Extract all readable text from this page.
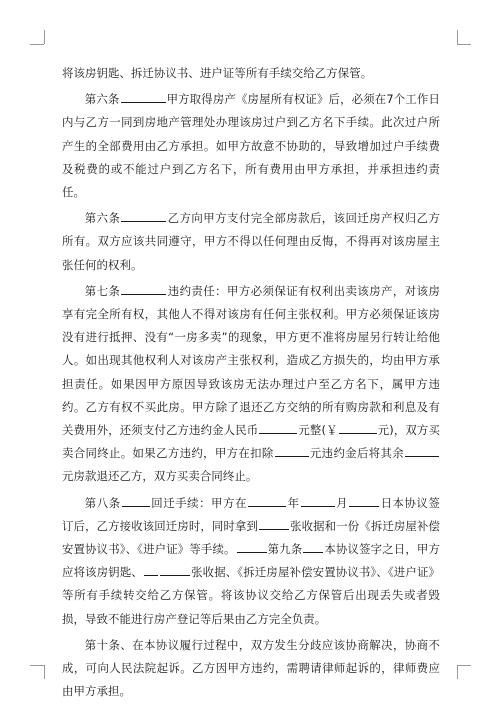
将该房钥匙、拆迁协议书、进户证等所有手续交给乙方保管。

第六条	甲方取得房产《房屋所有权证》后，必须在7个工作日内与乙方一同到房地产管理处办理该房过户到乙方名下手续。此次过户所产生的全部费用由乙方承担。如甲方故意不协助的，导致增加过户手续费及税费的或不能过户到乙方名下，所有费用由甲方承担，并承担违约责任。

第六条	乙方向甲方支付完全部房款后，该回迁房产权归乙方所有。双方应该共同遵守，甲方不得以任何理由反悔，不得再对该房屋主张任何的权利。

第七条	违约责任：甲方必须保证有权利出卖该房产，对该房享有完全所有权，其他人不得对该房有任何主张权利。甲方必须保证该房没有进行抵押、没有“一房多卖”的现象，甲方更不准将房屋另行转让给他人。如出现其他权利人对该房产主张权利，造成乙方损失的，均由甲方承担责任。如果因甲方原因导致该房无法办理过户至乙方名下，属甲方违约。乙方有权不买此房。甲方除了退还乙方交纳的所有购房款和利息及有关费用外，还须支付乙方违约金人民币	元整(￥	元)，双方买卖合同终止。如果乙方违约，甲方在扣除	元违约金后将其余元房款退还乙方，双方买卖合同终止。

第八条	回迁手续：甲方在	年	月	日本协议签订后，乙方接收该回迁房时，同时拿到	张收据和一份《拆迁房屋补偿安置协议书》、《进户证》等手续。	第九条 本协议签字之日，甲方应将该房钥匙、	张收据、《拆迁房屋补偿安置协议书》、《进户证》等所有手续转交给乙方保管。将该协议交给乙方保管后出现丢失或者毁损，导致不能进行房产登记等后果由乙方完全负责。

第十条、在本协议履行过程中，双方发生分歧应该协商解决，协商不成，可向人民法院起诉。乙方因甲方违约，需聘请律师起诉的，律师费应由甲方承担。
